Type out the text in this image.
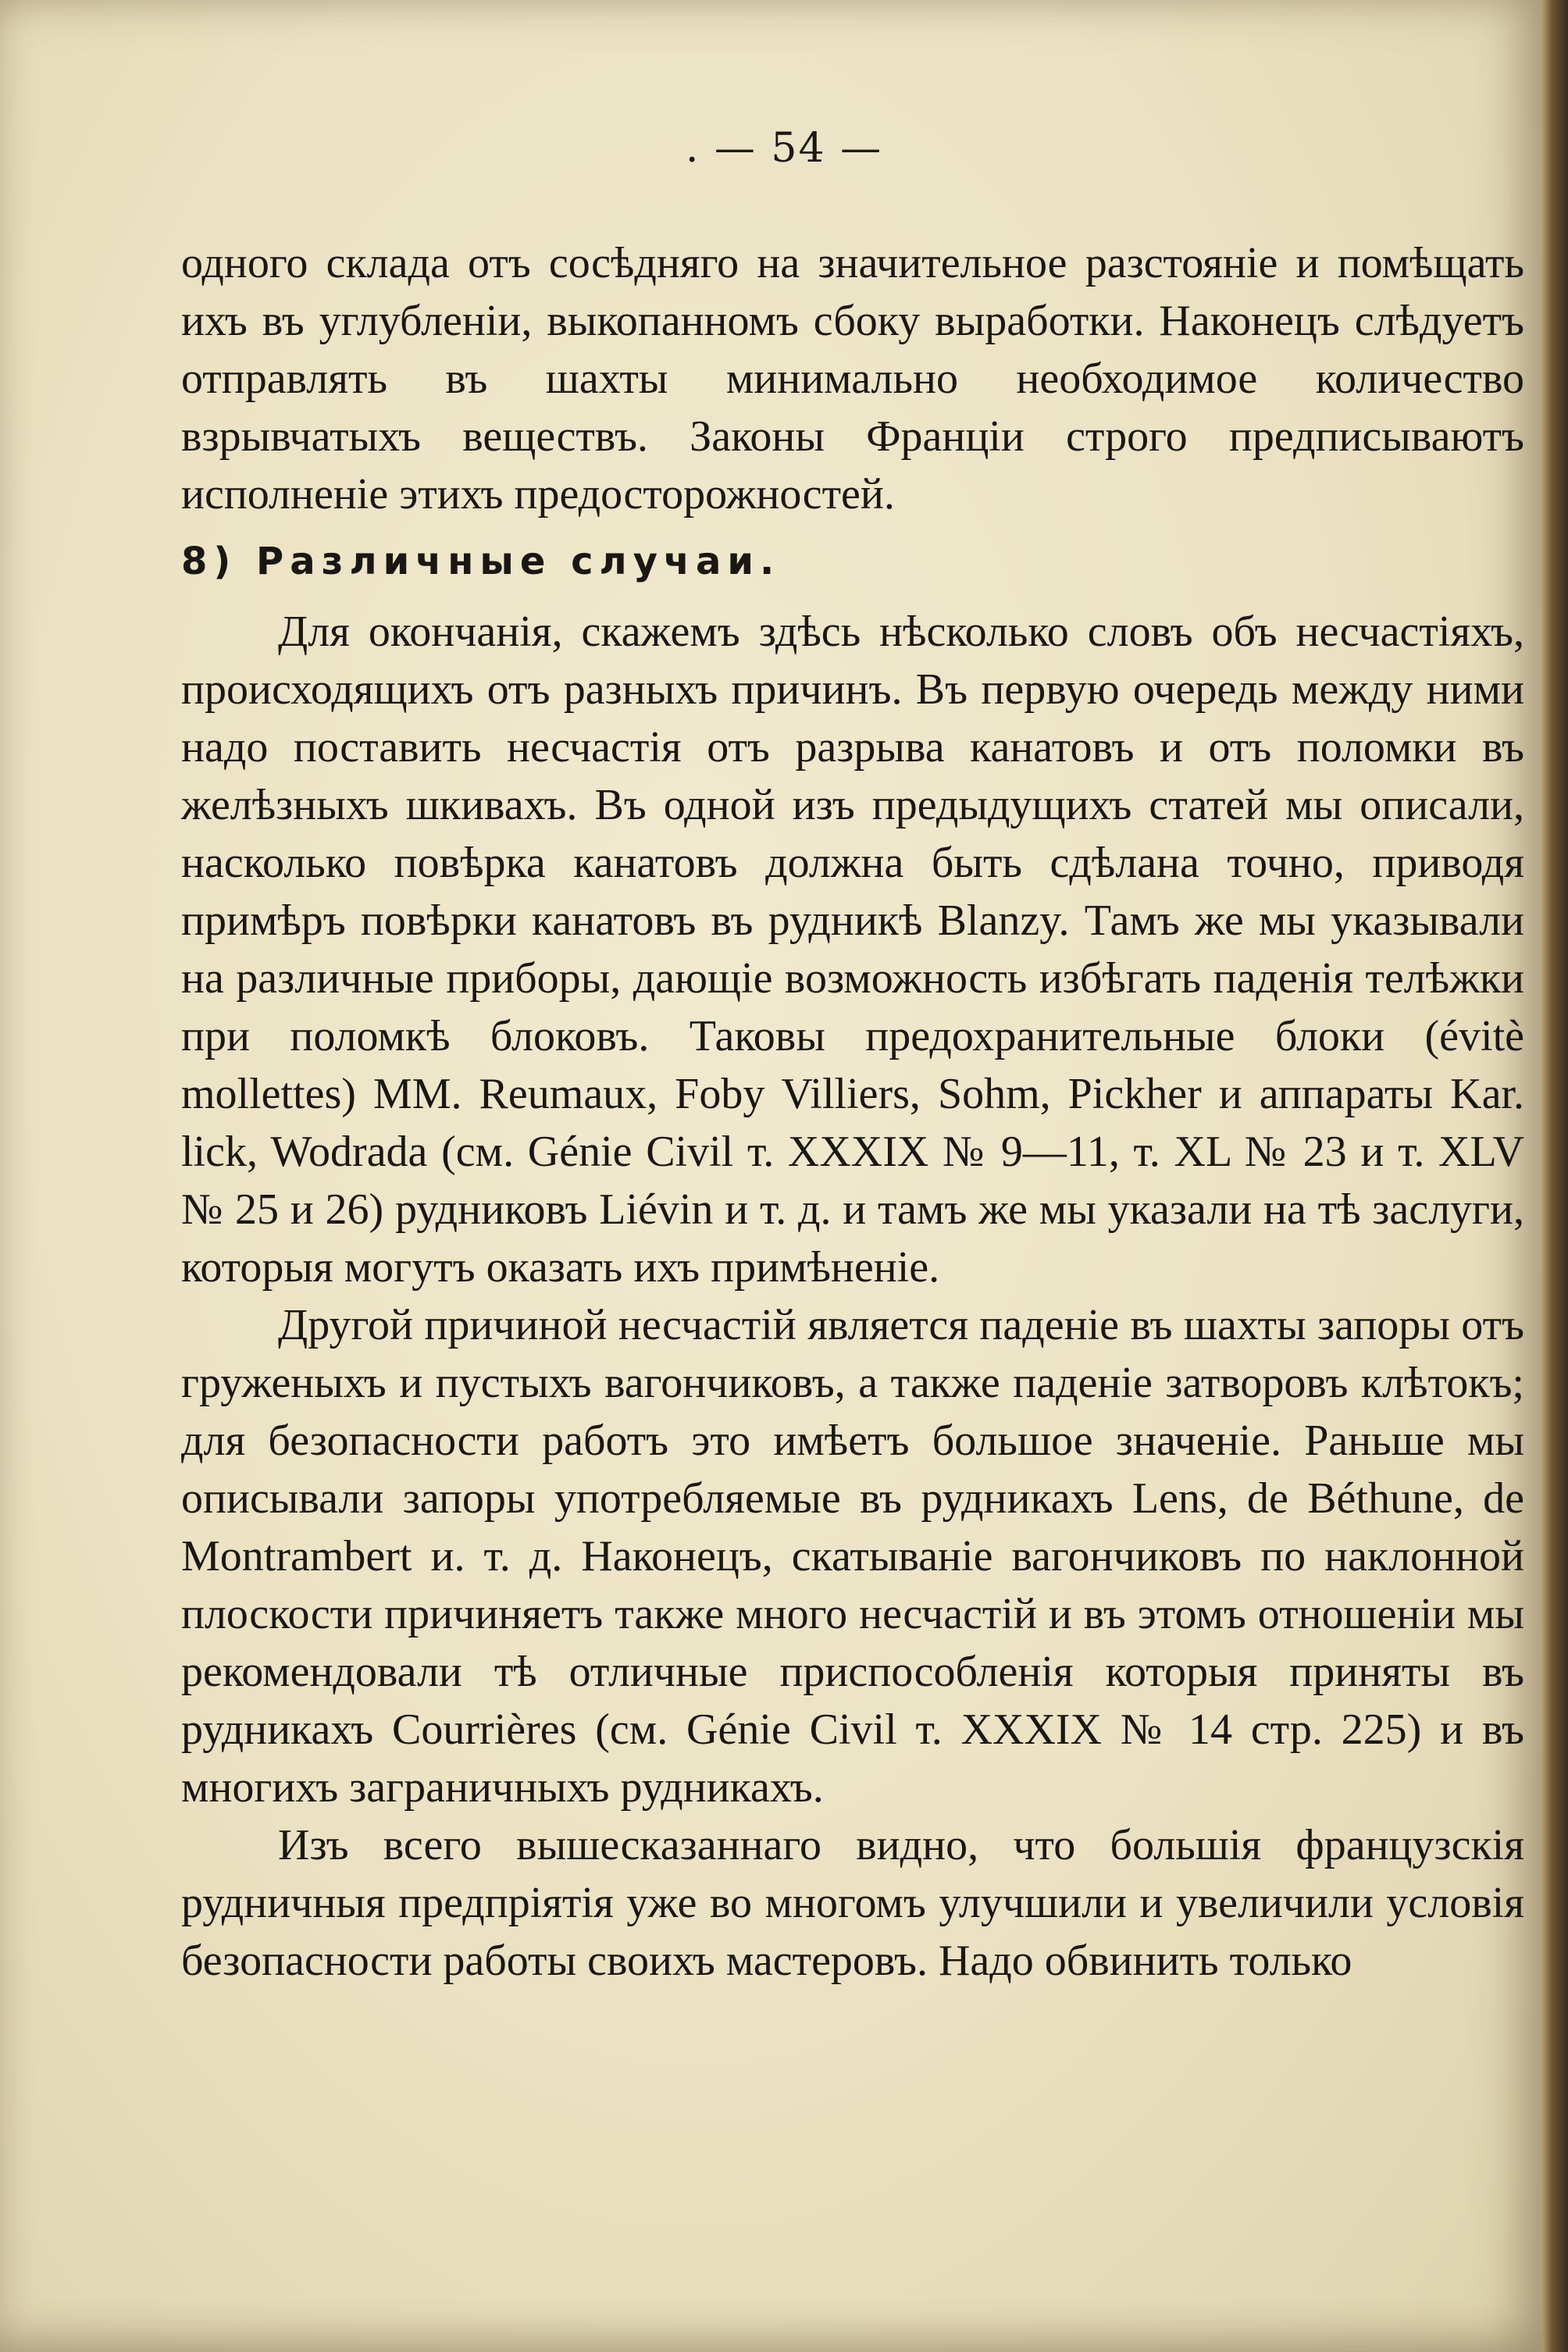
. — 54 —

одного склада отъ сосѣдняго на значительное разстояніе и помѣщать ихъ въ углубленіи, выкопанномъ сбоку выработки. Наконецъ слѣдуетъ отправлять въ шахты минимально необходимое количество взрывчатыхъ веществъ. Законы Франціи строго предписываютъ исполненіе этихъ предосторожностей.

8) Различные случаи.

Для окончанія, скажемъ здѣсь нѣсколько словъ объ несчастіяхъ, происходящихъ отъ разныхъ причинъ. Въ первую очередь между ними надо поставить несчастія отъ разрыва канатовъ и отъ поломки въ желѣзныхъ шкивахъ. Въ одной изъ предыдущихъ статей мы описали, насколько повѣрка канатовъ должна быть сдѣлана точно, приводя примѣръ повѣрки канатовъ въ рудникѣ Blanzy. Тамъ же мы указывали на различные приборы, дающіе возможность избѣгать паденія телѣжки при поломкѣ блоковъ. Таковы предохранительные блоки (évitè mollettes) MM. Reumaux, Foby Villiers, Sohm, Pickher и аппараты Kar. lick, Wodrada (см. Génie Civil т. XXXIX № 9—11, т. XL № 23 и т. XLV № 25 и 26) рудниковъ Liévin и т. д. и тамъ же мы указали на тѣ заслуги, которыя могутъ оказать ихъ примѣненіе.

Другой причиной несчастій является паденіе въ шахты запоры отъ груженыхъ и пустыхъ вагончиковъ, а также паденіе затворовъ клѣтокъ; для безопасности работъ это имѣетъ большое значеніе. Раньше мы описывали запоры употребляемые въ рудникахъ Lens, de Béthune, de Montrambert и. т. д. Наконецъ, скатываніе вагончиковъ по наклонной плоскости причиняетъ также много несчастій и въ этомъ отношеніи мы рекомендовали тѣ отличные приспособленія которыя приняты въ рудникахъ Courrières (см. Génie Civil т. XXXIX № 14 стр. 225) и въ многихъ заграничныхъ рудникахъ.

Изъ всего вышесказаннаго видно, что большія французскія рудничныя предпріятія уже во многомъ улучшили и увеличили условія безопасности работы своихъ мастеровъ. Надо обвинить только
